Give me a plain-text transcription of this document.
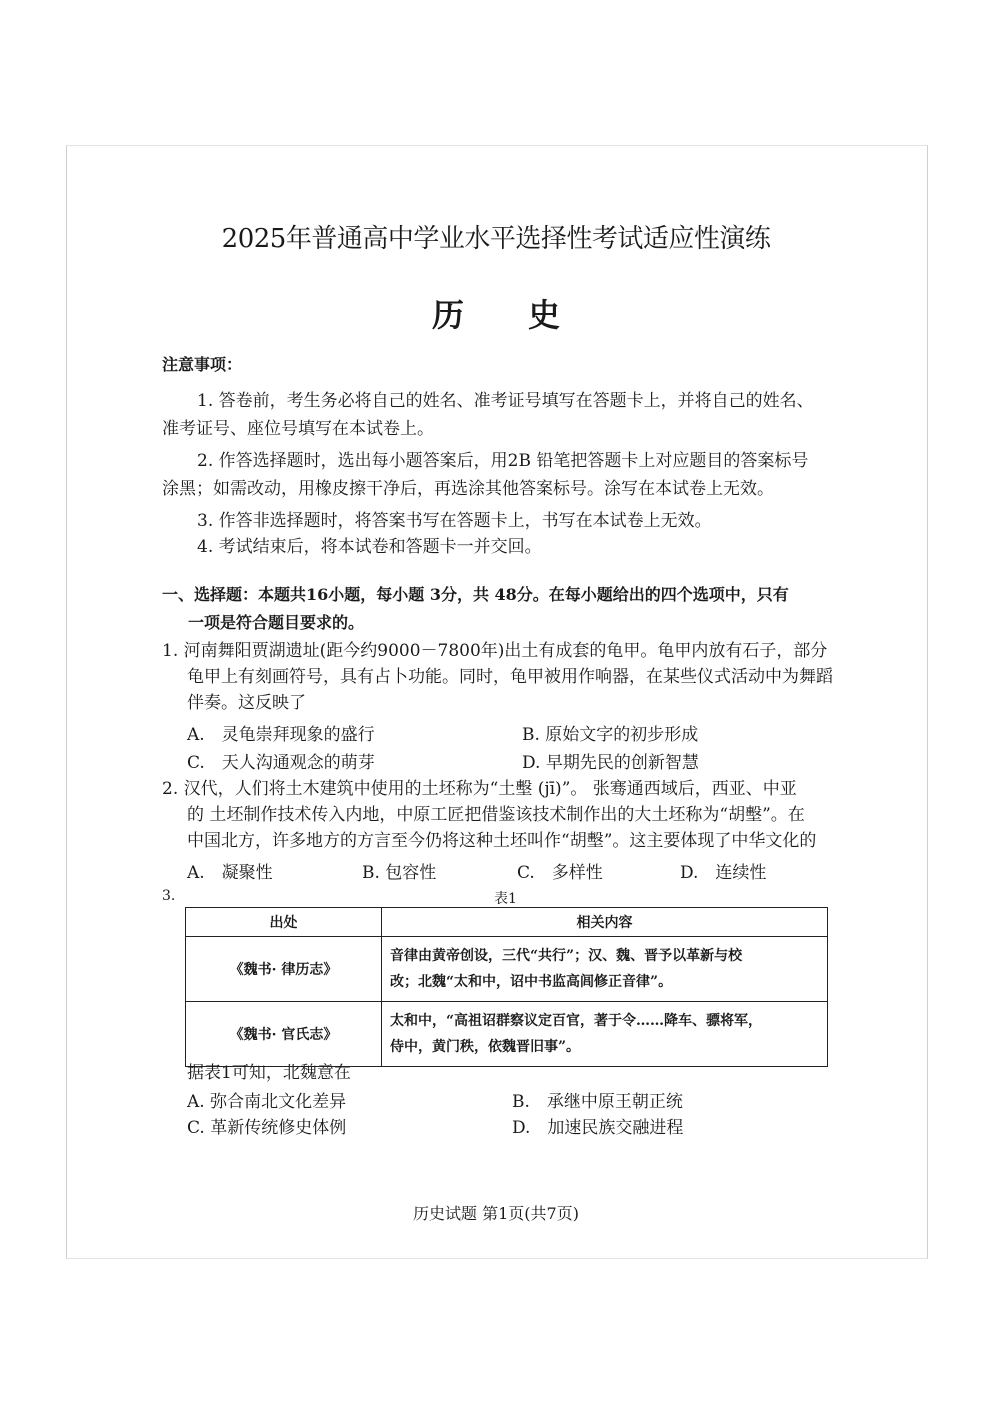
2025年普通高中学业水平选择性考试适应性演练
历 史
注意事项：
1. 答卷前，考生务必将自己的姓名、准考证号填写在答题卡上，并将自己的姓名、
准考证号、座位号填写在本试卷上。
2. 作答选择题时，选出每小题答案后，用2B 铅笔把答题卡上对应题目的答案标号
涂黑；如需改动，用橡皮擦干净后，再选涂其他答案标号。涂写在本试卷上无效。
3. 作答非选择题时，将答案书写在答题卡上，书写在本试卷上无效。
4. 考试结束后，将本试卷和答题卡一并交回。
一、选择题：本题共16小题，每小题 3分，共 48分。在每小题给出的四个选项中，只有
一项是符合题目要求的。
1. 河南舞阳贾湖遗址(距今约9000－7800年)出土有成套的龟甲。龟甲内放有石子，部分
龟甲上有刻画符号，具有占卜功能。同时，龟甲被用作响器，在某些仪式活动中为舞蹈
伴奏。这反映了
A.　灵龟崇拜现象的盛行	B. 原始文字的初步形成
C.　天人沟通观念的萌芽	D. 早期先民的创新智慧
2. 汉代，人们将土木建筑中使用的土坯称为“土墼 (jī)”。 张骞通西域后，西亚、中亚
的 土坯制作技术传入内地，中原工匠把借鉴该技术制作出的大土坯称为“胡墼”。在
中国北方，许多地方的方言至今仍将这种土坯叫作“胡墼”。这主要体现了中华文化的
A.　凝聚性	B. 包容性	C.　多样性	D.　连续性
3.	表1
出处	相关内容
《魏书· 律历志》	音律由黄帝创设，三代“共行”；汉、魏、晋予以革新与校
改；北魏“太和中，诏中书监高闾修正音律”。

《魏书· 官氏志》	太和中，“高祖诏群察议定百官，著于令……降车、骠将军，
侍中，黄门秩，依魏晋旧事”。
据表1可知，北魏意在
A. 弥合南北文化差异	B.　承继中原王朝正统
C. 革新传统修史体例	D.　加速民族交融进程
历史试题 第1页(共7页)
